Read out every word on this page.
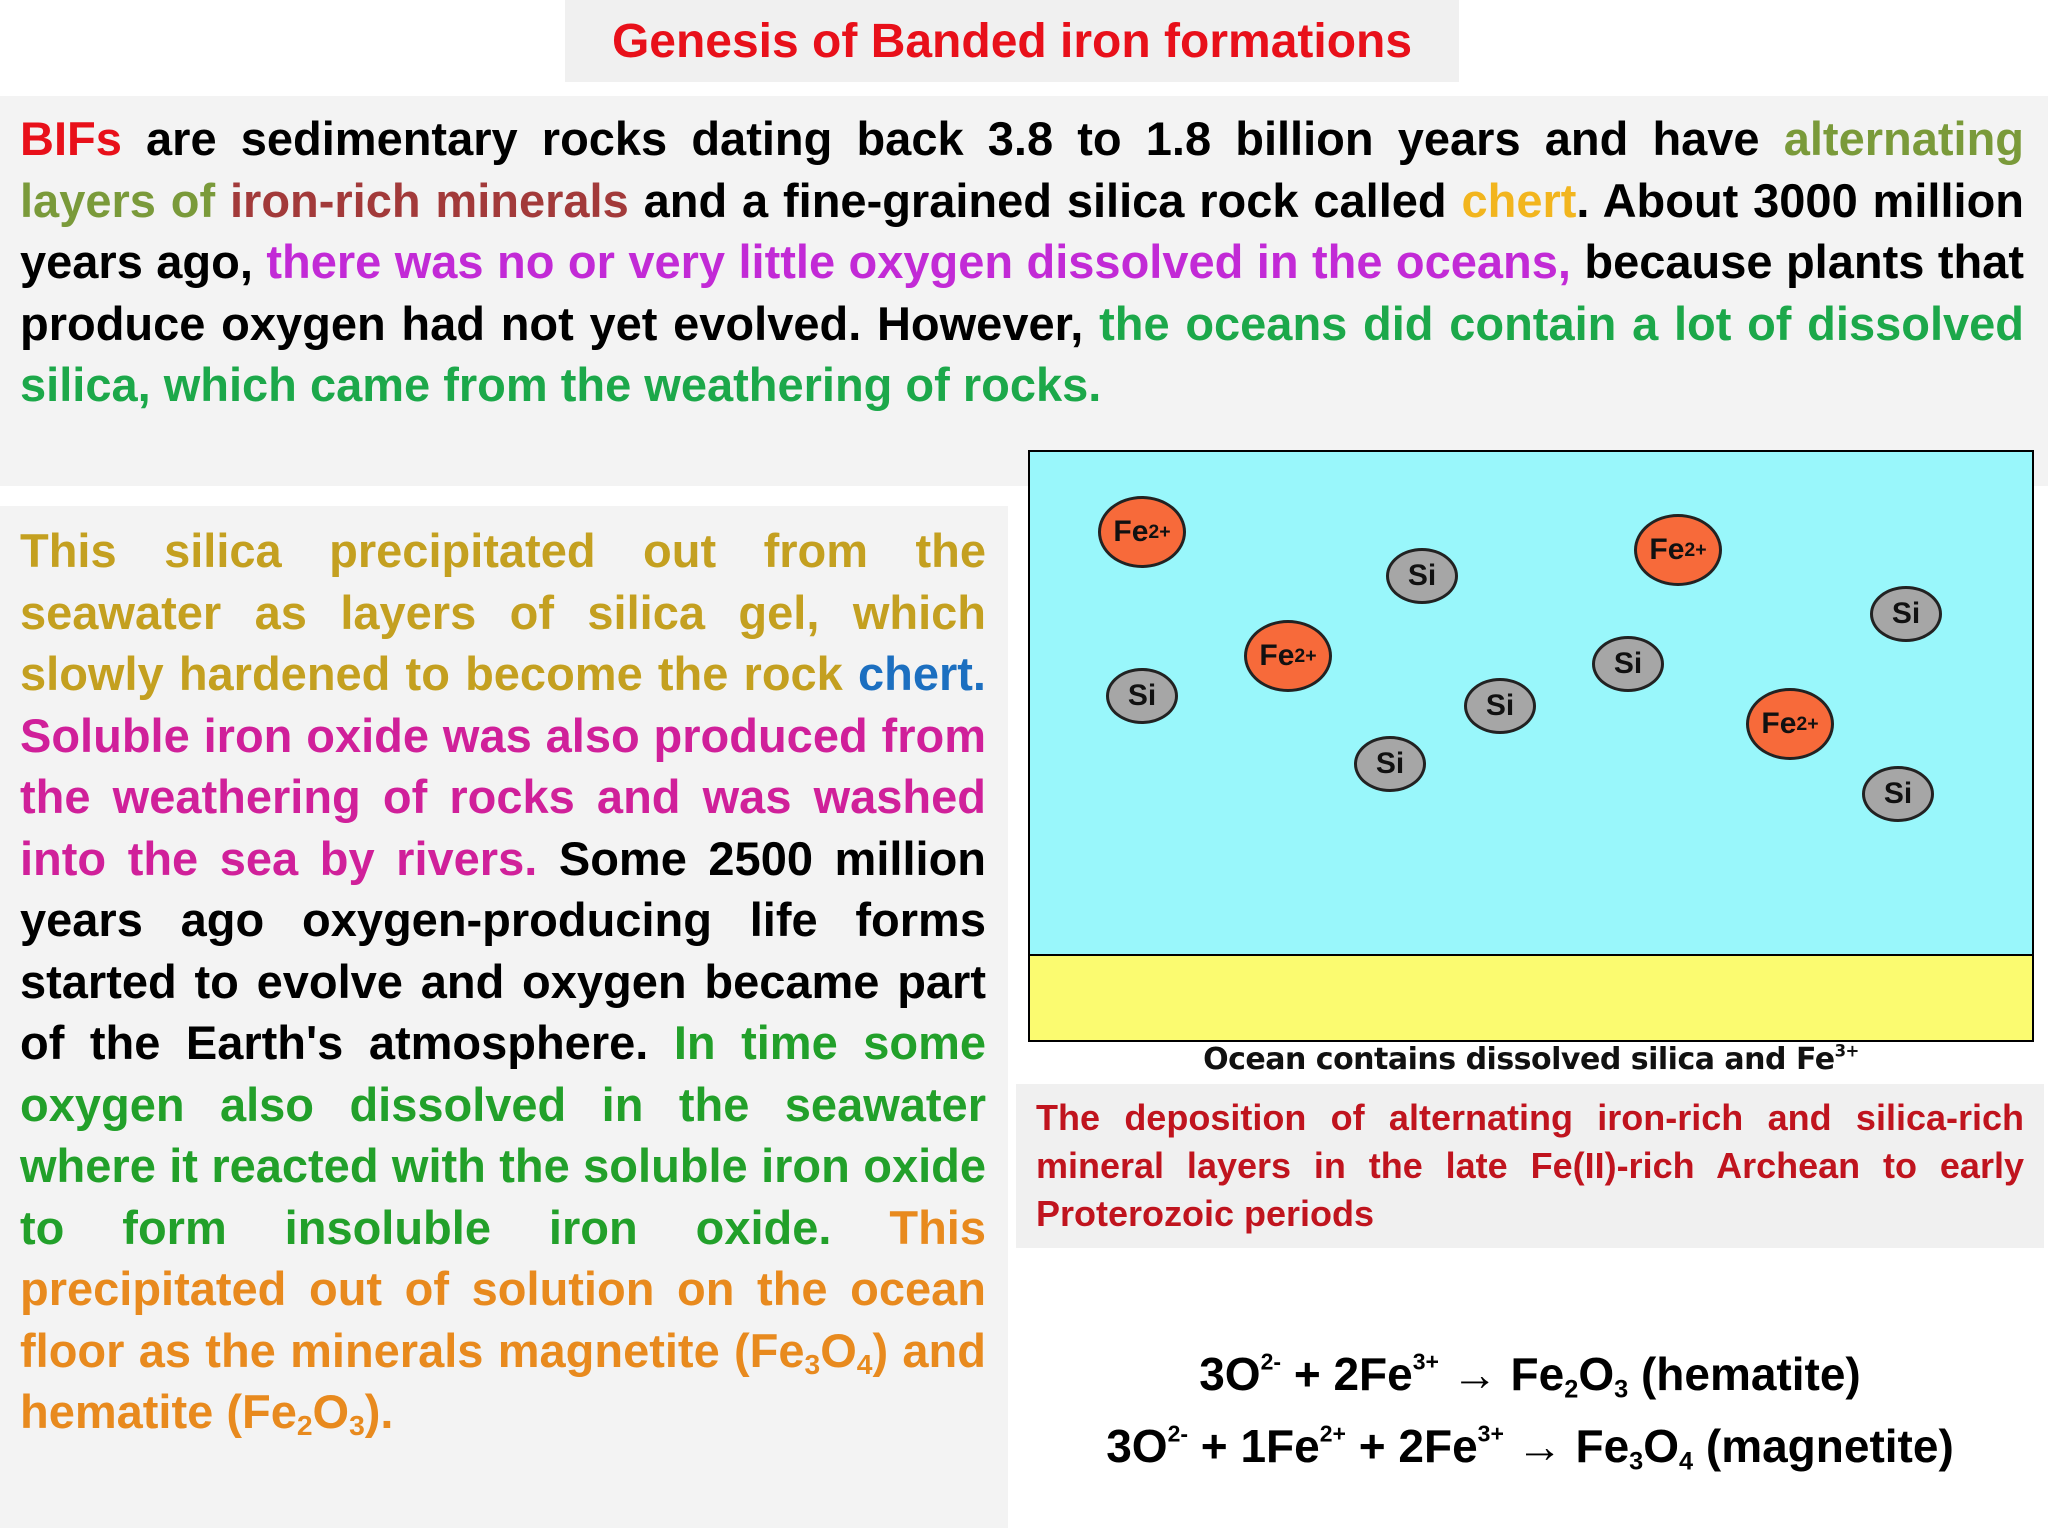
Genesis of Banded iron formations
BIFs are sedimentary rocks dating back 3.8 to 1.8 billion years and have alternating layers of iron-rich minerals and a fine-grained silica rock called chert. About 3000 million years ago, there was no or very little oxygen dissolved in the oceans, because plants that produce oxygen had not yet evolved. However, the oceans did contain a lot of dissolved silica, which came from the weathering of rocks.
This silica precipitated out from the seawater as layers of silica gel, which slowly hardened to become the rock chert. Soluble iron oxide was also produced from the weathering of rocks and was washed into the sea by rivers. Some 2500 million years ago oxygen-producing life forms started to evolve and oxygen became part of the Earth's atmosphere. In time some oxygen also dissolved in the seawater where it reacted with the soluble iron oxide to form insoluble iron oxide. This precipitated out of solution on the ocean floor as the minerals magnetite $(Fe_3O_4)$ and hematite $(Fe_2O_3)$.
Fe 2+
Fe 2+
Fe 2+
Fe 2+
Si
Si
Si
Si	Si
Si
Si
Ocean contains dissolved silica and $Fe^{3+}$
The deposition of alternating iron-rich and silica-rich mineral layers in the late Fe(II)-rich Archean to early Proterozoic periods
$3O^{2-} + 2Fe^{3+} \to Fe_2O_3$ (hematite)
$3O^{2-} + 1Fe^{2+} + 2Fe^{3+} \to Fe_3O_4$ (magnetite)
